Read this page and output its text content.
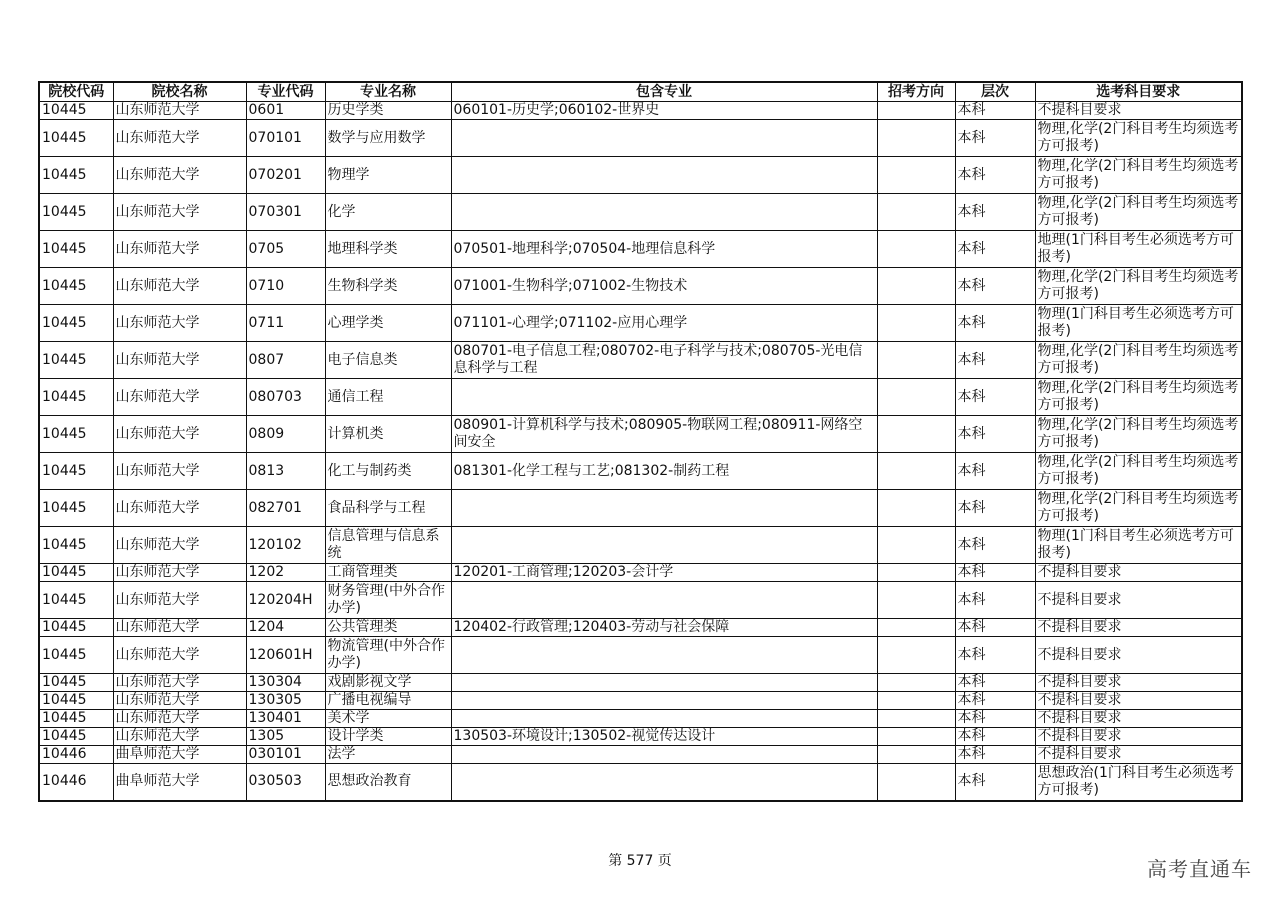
院校代码	院校名称	专业代码	专业名称	包含专业	招考方向	层次	选考科目要求
10445	山东师范大学	0601	历史学类	060101-历史学;060102-世界史		本科	不提科目要求
10445	山东师范大学	070101	数学与应用数学			本科	物理,化学(2门科目考生均须选考方可报考)
10445	山东师范大学	070201	物理学			本科	物理,化学(2门科目考生均须选考方可报考)
10445	山东师范大学	070301	化学			本科	物理,化学(2门科目考生均须选考方可报考)
10445	山东师范大学	0705	地理科学类	070501-地理科学;070504-地理信息科学		本科	地理(1门科目考生必须选考方可报考)
10445	山东师范大学	0710	生物科学类	071001-生物科学;071002-生物技术		本科	物理,化学(2门科目考生均须选考方可报考)
10445	山东师范大学	0711	心理学类	071101-心理学;071102-应用心理学		本科	物理(1门科目考生必须选考方可报考)
10445	山东师范大学	0807	电子信息类	080701-电子信息工程;080702-电子科学与技术;080705-光电信息科学与工程		本科	物理,化学(2门科目考生均须选考方可报考)
10445	山东师范大学	080703	通信工程			本科	物理,化学(2门科目考生均须选考方可报考)
10445	山东师范大学	0809	计算机类	080901-计算机科学与技术;080905-物联网工程;080911-网络空间安全		本科	物理,化学(2门科目考生均须选考方可报考)
10445	山东师范大学	0813	化工与制药类	081301-化学工程与工艺;081302-制药工程		本科	物理,化学(2门科目考生均须选考方可报考)
10445	山东师范大学	082701	食品科学与工程			本科	物理,化学(2门科目考生均须选考方可报考)
10445	山东师范大学	120102	信息管理与信息系统			本科	物理(1门科目考生必须选考方可报考)
10445	山东师范大学	1202	工商管理类	120201-工商管理;120203-会计学		本科	不提科目要求
10445	山东师范大学	120204H	财务管理(中外合作办学)			本科	不提科目要求
10445	山东师范大学	1204	公共管理类	120402-行政管理;120403-劳动与社会保障		本科	不提科目要求
10445	山东师范大学	120601H	物流管理(中外合作办学)			本科	不提科目要求
10445	山东师范大学	130304	戏剧影视文学			本科	不提科目要求
10445	山东师范大学	130305	广播电视编导			本科	不提科目要求
10445	山东师范大学	130401	美术学			本科	不提科目要求
10445	山东师范大学	1305	设计学类	130503-环境设计;130502-视觉传达设计		本科	不提科目要求
10446	曲阜师范大学	030101	法学			本科	不提科目要求
10446	曲阜师范大学	030503	思想政治教育			本科	思想政治(1门科目考生必须选考方可报考)
第 577 页	高考直通车
